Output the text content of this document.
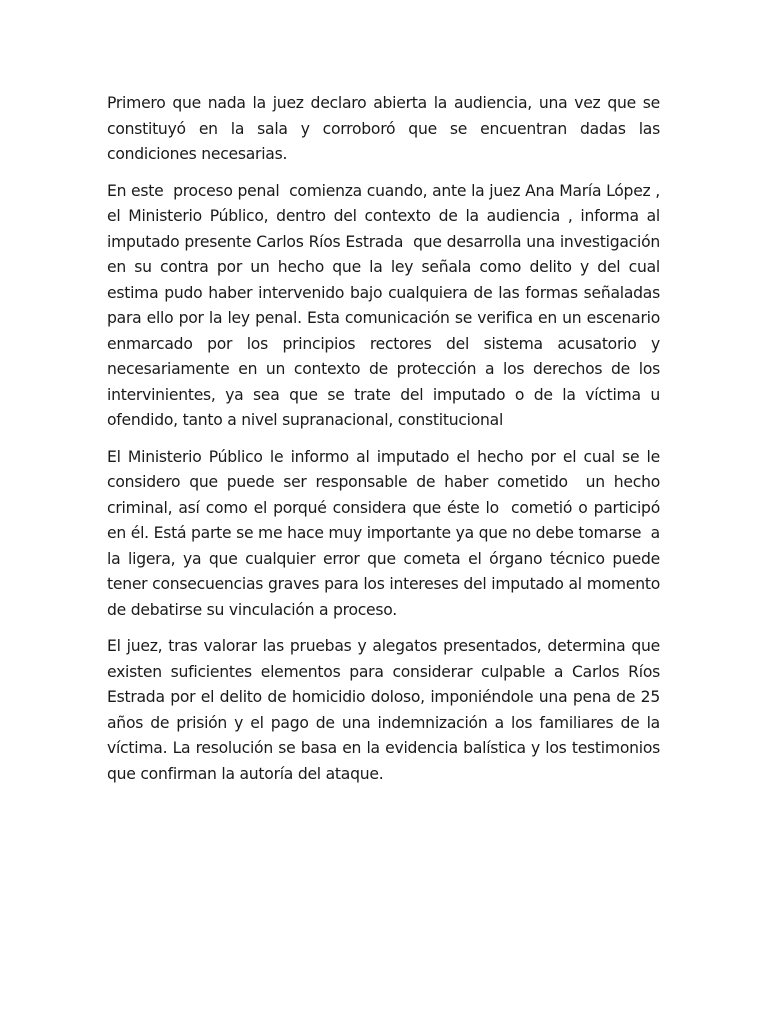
Primero que nada la juez declaro abierta la audiencia, una vez que se constituyó en la sala y corroboró que se encuentran dadas las condiciones necesarias.

En este  proceso penal  comienza cuando, ante la juez Ana María López , el Ministerio Público, dentro del contexto de la audiencia , informa al imputado presente Carlos Ríos Estrada  que desarrolla una investigación en su contra por un hecho que la ley señala como delito y del cual estima pudo haber intervenido bajo cualquiera de las formas señaladas para ello por la ley penal. Esta comunicación se verifica en un escenario enmarcado por los principios rectores del sistema acusatorio y necesariamente en un contexto de protección a los derechos de los intervinientes, ya sea que se trate del imputado o de la víctima u ofendido, tanto a nivel supranacional, constitucional

El Ministerio Público le informo al imputado el hecho por el cual se le considero que puede ser responsable de haber cometido  un hecho criminal, así como el porqué considera que éste lo  cometió o participó en él. Está parte se me hace muy importante ya que no debe tomarse  a la ligera, ya que cualquier error que cometa el órgano técnico puede tener consecuencias graves para los intereses del imputado al momento de debatirse su vinculación a proceso.

El juez, tras valorar las pruebas y alegatos presentados, determina que existen suficientes elementos para considerar culpable a Carlos Ríos Estrada por el delito de homicidio doloso, imponiéndole una pena de 25 años de prisión y el pago de una indemnización a los familiares de la víctima. La resolución se basa en la evidencia balística y los testimonios que confirman la autoría del ataque.
